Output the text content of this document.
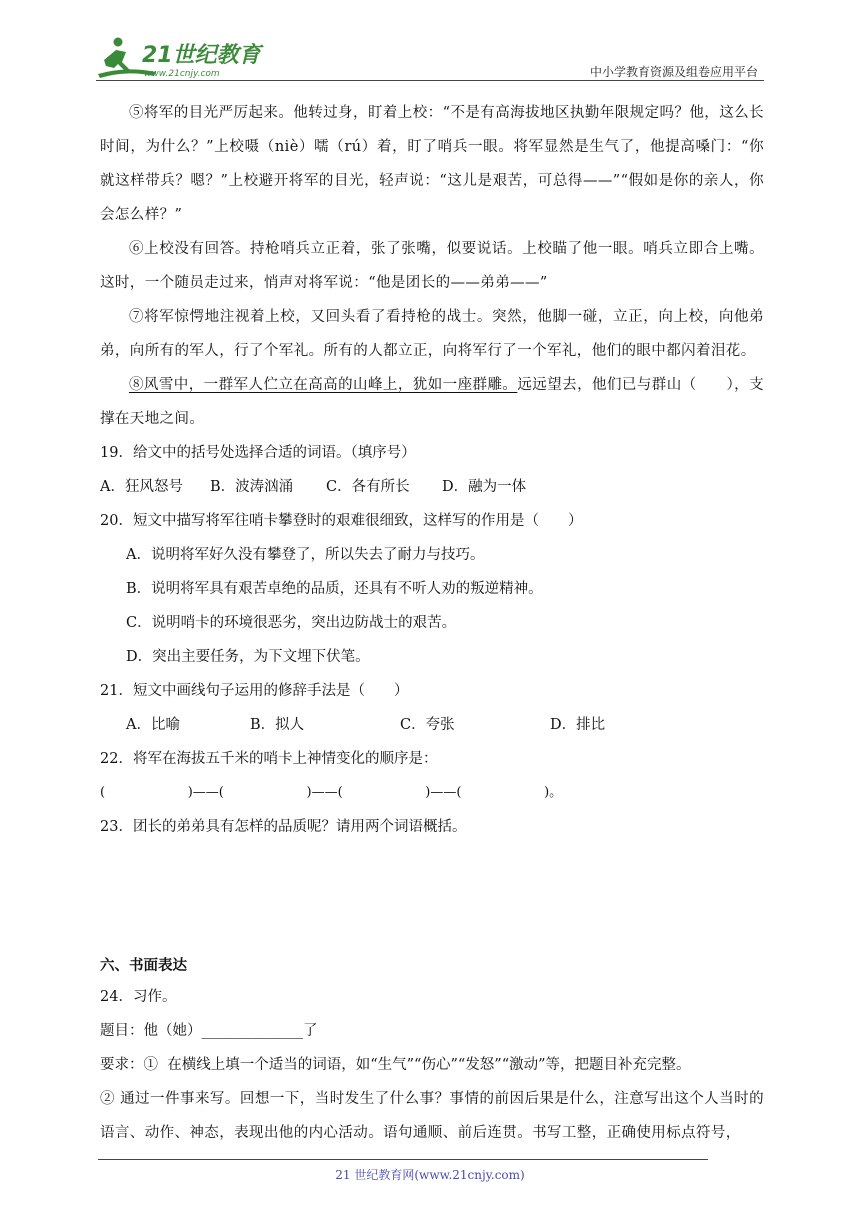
21世纪教育
www.21cnjy.com	中小学教育资源及组卷应用平台

⑤将军的目光严厉起来。他转过身，盯着上校：“不是有高海拔地区执勤年限规定吗？他，这么长时间，为什么？”上校嗫（niè）嚅（rú）着，盯了哨兵一眼。将军显然是生气了，他提高嗓门：“你就这样带兵？嗯？”上校避开将军的目光，轻声说：“这儿是艰苦，可总得——”“假如是你的亲人，你会怎么样？”

⑥上校没有回答。持枪哨兵立正着，张了张嘴，似要说话。上校瞄了他一眼。哨兵立即合上嘴。这时，一个随员走过来，悄声对将军说：“他是团长的——弟弟——”

⑦将军惊愕地注视着上校，又回头看了看持枪的战士。突然，他脚一碰，立正，向上校，向他弟弟，向所有的军人，行了个军礼。所有的人都立正，向将军行了一个军礼，他们的眼中都闪着泪花。

⑧风雪中，一群军人伫立在高高的山峰上，犹如一座群雕。远远望去，他们已与群山（　　），支撑在天地之间。

19．给文中的括号处选择合适的词语。（填序号）

A．狂风怒号	B．波涛汹涌	C．各有所长	D．融为一体

20．短文中描写将军往哨卡攀登时的艰难很细致，这样写的作用是（　　）

A．说明将军好久没有攀登了，所以失去了耐力与技巧。

B．说明将军具有艰苦卓绝的品质，还具有不听人劝的叛逆精神。

C．说明哨卡的环境很恶劣，突出边防战士的艰苦。

D．突出主要任务，为下文埋下伏笔。

21．短文中画线句子运用的修辞手法是（　　）

A．比喻	B．拟人	C．夸张	D．排比

22．将军在海拔五千米的哨卡上神情变化的顺序是：

(                    )——(                    )——(                    )——(                    )。

23．团长的弟弟具有怎样的品质呢？请用两个词语概括。

六、书面表达

24．习作。

题目：他（她）______________了

要求：①  在横线上填一个适当的词语，如“生气”“伤心”“发怒”“激动”等，把题目补充完整。

② 通过一件事来写。回想一下，当时发生了什么事？事情的前因后果是什么，注意写出这个人当时的语言、动作、神态，表现出他的内心活动。语句通顺、前后连贯。书写工整，正确使用标点符号，

21 世纪教育网(www.21cnjy.com)
